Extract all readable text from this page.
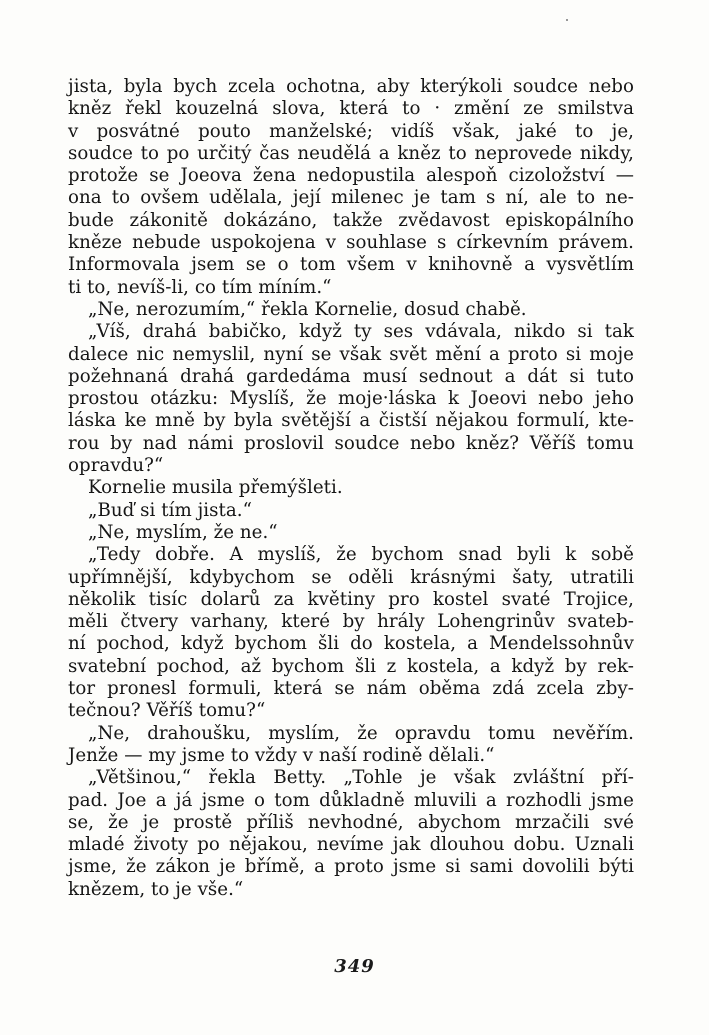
jista, byla bych zcela ochotna, aby kterýkoli soudce nebo
kněz řekl kouzelná slova, která to · změní ze smilstva
v posvátné pouto manželské; vidíš však, jaké to je,
soudce to po určitý čas neudělá a kněz to neprovede nikdy,
protože se Joeova žena nedopustila alespoň cizoložství —
ona to ovšem udělala, její milenec je tam s ní, ale to ne-
bude zákonitě dokázáno, takže zvědavost episkopálního
kněze nebude uspokojena v souhlase s církevním právem.
Informovala jsem se o tom všem v knihovně a vysvětlím
ti to, nevíš-li, co tím míním.“
„Ne, nerozumím,“ řekla Kornelie, dosud chabě.
„Víš, drahá babičko, když ty ses vdávala, nikdo si tak
dalece nic nemyslil, nyní se však svět mění a proto si moje
požehnaná drahá gardedáma musí sednout a dát si tuto
prostou otázku: Myslíš, že moje·láska k Joeovi nebo jeho
láska ke mně by byla světější a čistší nějakou formulí, kte-
rou by nad námi proslovil soudce nebo kněz? Věříš tomu
opravdu?“
Kornelie musila přemýšleti.
„Buď si tím jista.“
„Ne, myslím, že ne.“
„Tedy dobře. A myslíš, že bychom snad byli k sobě
upřímnější, kdybychom se oděli krásnými šaty, utratili
několik tisíc dolarů za květiny pro kostel svaté Trojice,
měli čtvery varhany, které by hrály Lohengrinův svateb-
ní pochod, když bychom šli do kostela, a Mendelssohnův
svatební pochod, až bychom šli z kostela, a když by rek-
tor pronesl formuli, která se nám oběma zdá zcela zby-
tečnou? Věříš tomu?“
„Ne, drahoušku, myslím, že opravdu tomu nevěřím.
Jenže — my jsme to vždy v naší rodině dělali.“
„Většinou,“ řekla Betty. „Tohle je však zvláštní pří-
pad. Joe a já jsme o tom důkladně mluvili a rozhodli jsme
se, že je prostě příliš nevhodné, abychom mrzačili své
mladé životy po nějakou, nevíme jak dlouhou dobu. Uznali
jsme, že zákon je břímě, a proto jsme si sami dovolili býti
knězem, to je vše.“
349
